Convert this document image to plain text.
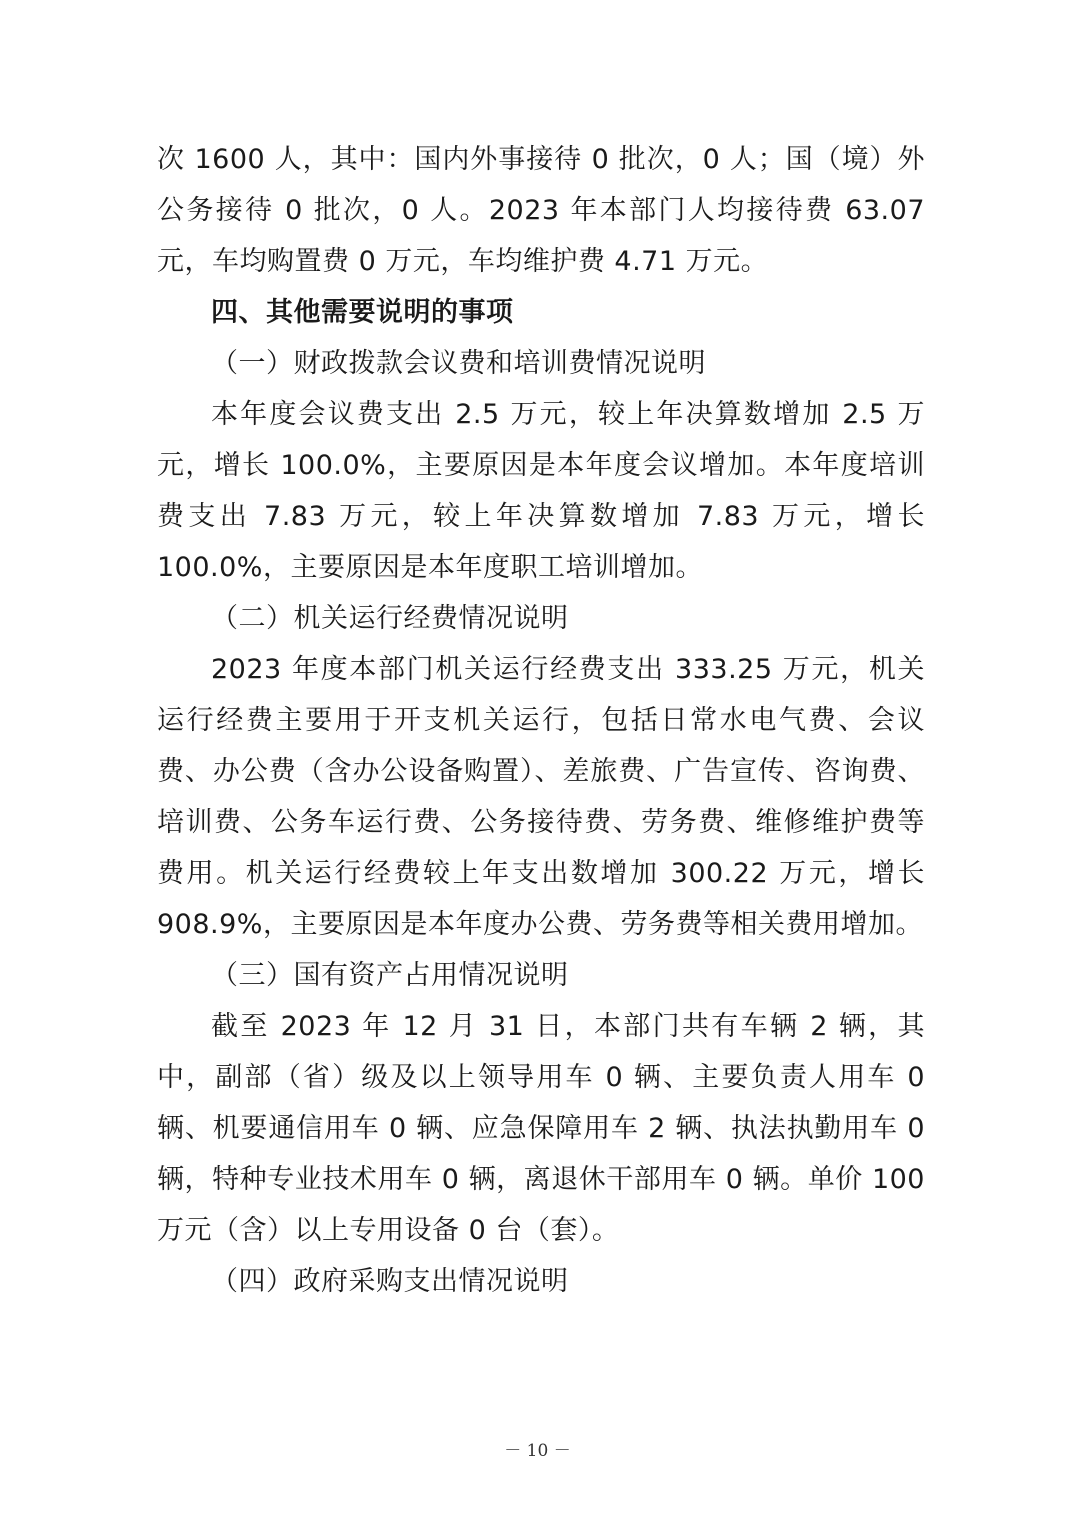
次 1600 人，其中：国内外事接待 0 批次，0 人；国（境）外公务接待 0 批次，0 人。2023 年本部门人均接待费 63.07 元，车均购置费 0 万元，车均维护费 4.71 万元。

四、其他需要说明的事项

（一）财政拨款会议费和培训费情况说明

本年度会议费支出 2.5 万元，较上年决算数增加 2.5 万元，增长 100.0%，主要原因是本年度会议增加。本年度培训费支出 7.83 万元，较上年决算数增加 7.83 万元，增长 100.0%，主要原因是本年度职工培训增加。

（二）机关运行经费情况说明

2023 年度本部门机关运行经费支出 333.25 万元，机关运行经费主要用于开支机关运行，包括日常水电气费、会议费、办公费（含办公设备购置）、差旅费、广告宣传、咨询费、培训费、公务车运行费、公务接待费、劳务费、维修维护费等费用。机关运行经费较上年支出数增加 300.22 万元，增长 908.9%，主要原因是本年度办公费、劳务费等相关费用增加。

（三）国有资产占用情况说明

截至 2023 年 12 月 31 日，本部门共有车辆 2 辆，其中，副部（省）级及以上领导用车 0 辆、主要负责人用车 0 辆、机要通信用车 0 辆、应急保障用车 2 辆、执法执勤用车 0 辆，特种专业技术用车 0 辆，离退休干部用车 0 辆。单价 100 万元（含）以上专用设备 0 台（套）。

（四）政府采购支出情况说明

－ 10 －
